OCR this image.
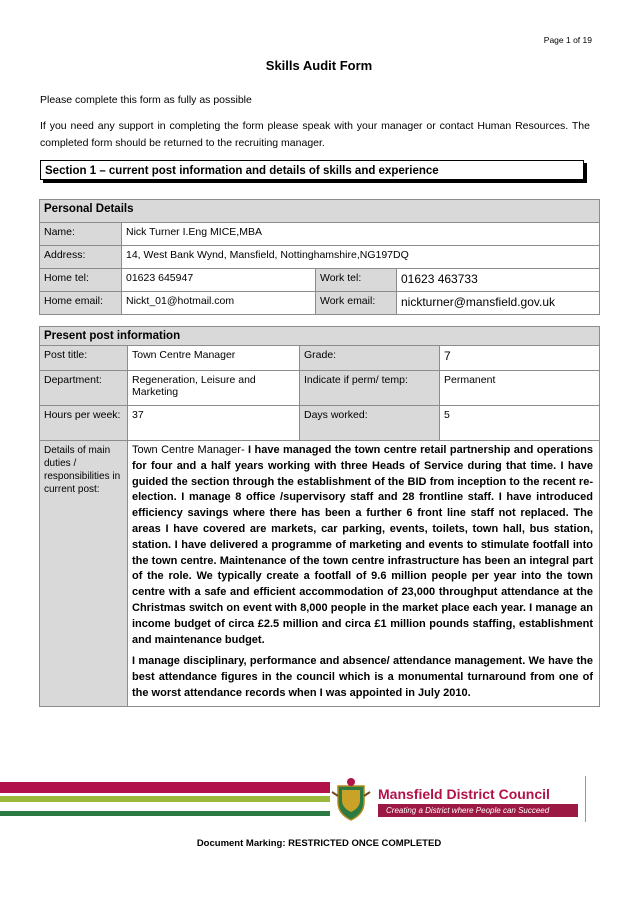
Page 1 of 19
Skills Audit Form
Please complete this form as fully as possible
If you need any support in completing the form please speak with your manager or contact Human Resources. The completed form should be returned to the recruiting manager.
Section 1 – current post information and details of skills and experience
Personal Details			
Name:	Nick Turner I.Eng MICE,MBA		
Address:	14, West Bank Wynd, Mansfield, Nottinghamshire,NG197DQ		
Home tel:	01623 645947	Work tel:	01623 463733
Home email:	Nickt_01@hotmail.com	Work email:	nickturner@mansfield.gov.uk
Present post information			
Post title:	Town Centre Manager	Grade:	7
Department:	Regeneration, Leisure and Marketing	Indicate if perm/ temp:	Permanent
Hours per week:	37	Days worked:	5
Details of main duties / responsibilities in current post:	Town Centre Manager- I have managed the town centre retail partnership and operations for four and a half years working with three Heads of Service during that time. I have guided the section through the establishment of the BID from inception to the recent re-election. I manage 8 office /supervisory staff and 28 frontline staff. I have introduced efficiency savings where there has been a further 6 front line staff not replaced. The areas I have covered are markets, car parking, events, toilets, town hall, bus station, station. I have delivered a programme of marketing and events to stimulate footfall into the town centre. Maintenance of the town centre infrastructure has been an integral part of the role. We typically create a footfall of 9.6 million people per year into the town centre with a safe and efficient accommodation of 23,000 throughput attendance at the Christmas switch on event with 8,000 people in the market place each year. I manage an income budget of circa £2.5 million and circa £1 million pounds staffing, establishment and maintenance budget.

I manage disciplinary, performance and absence/ attendance management. We have the best attendance figures in the council which is a monumental turnaround from one of the worst attendance records when I was appointed in July 2010.		

Mansfield District Council
Creating a District where People can Succeed
Document Marking: RESTRICTED ONCE COMPLETED
